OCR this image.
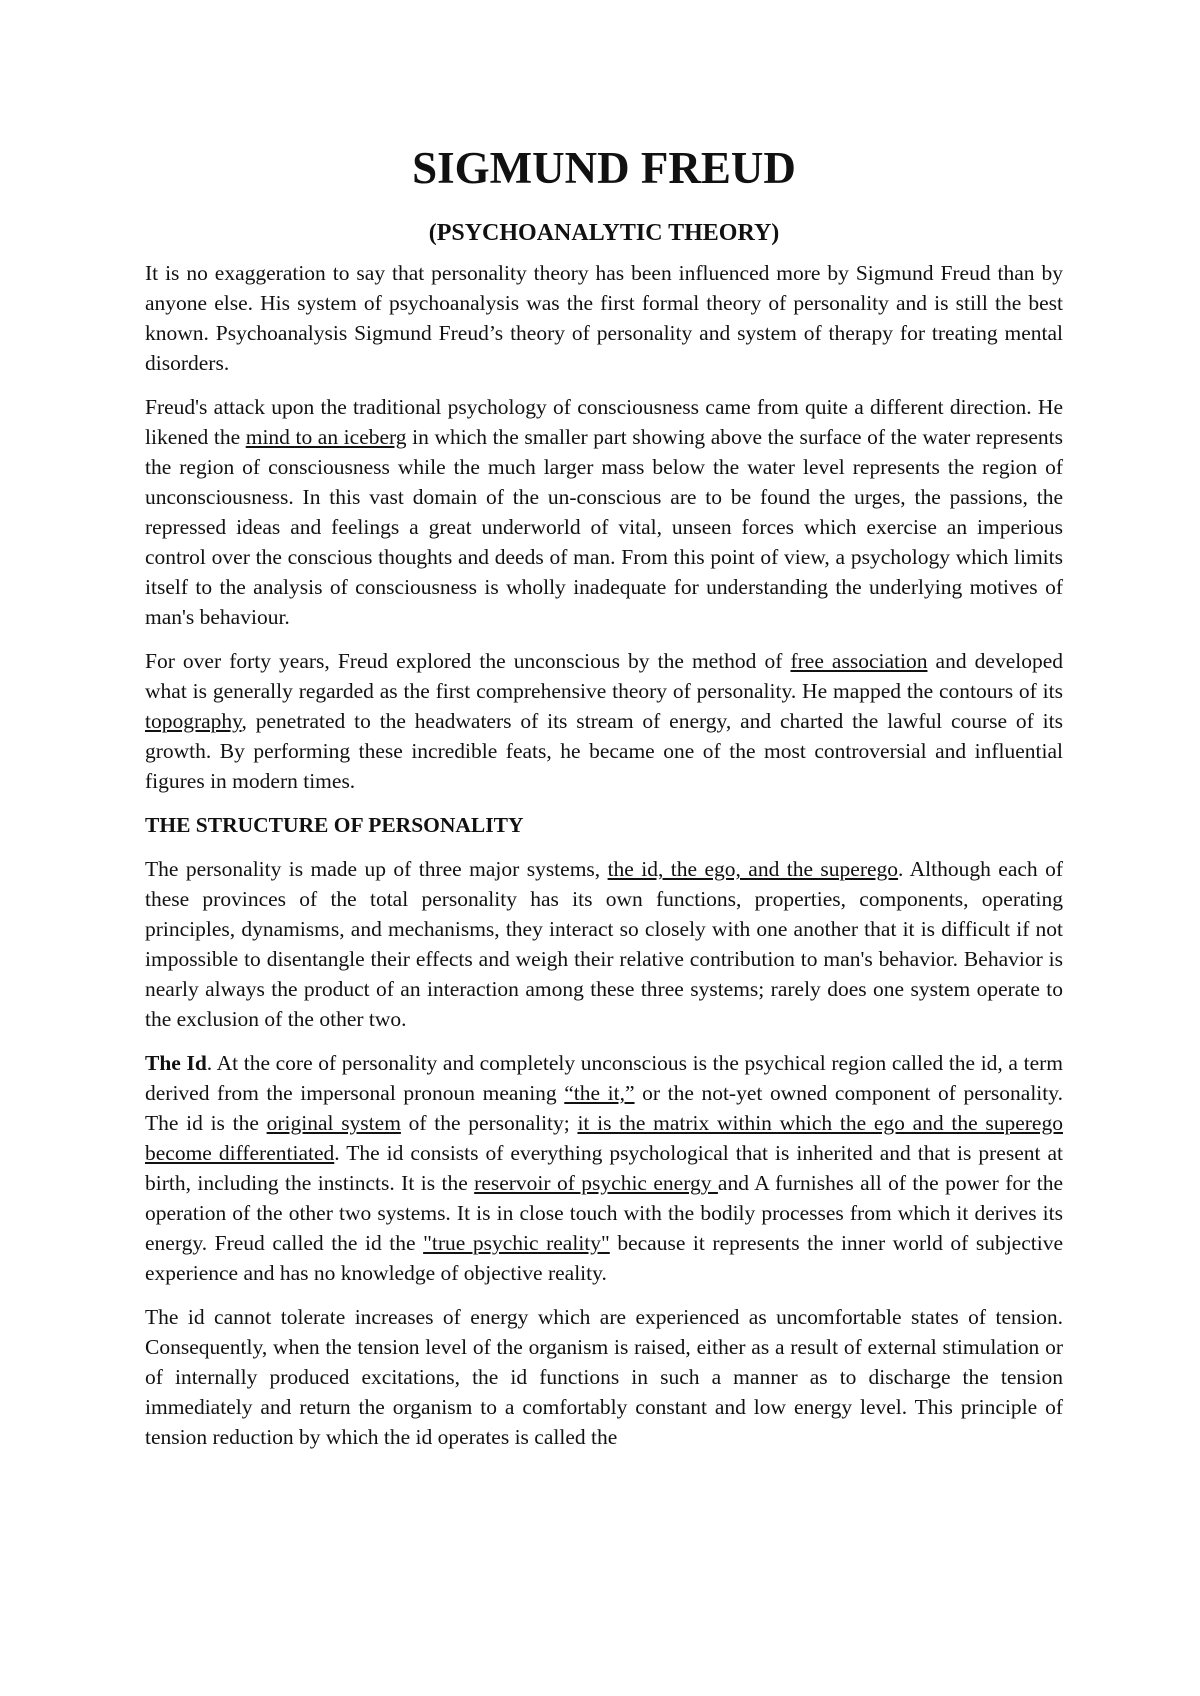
SIGMUND FREUD
(PSYCHOANALYTIC THEORY)

It is no exaggeration to say that personality theory has been influenced more by Sigmund Freud than by anyone else. His system of psychoanalysis was the first formal theory of personality and is still the best known. Psychoanalysis Sigmund Freud’s theory of personality and system of therapy for treating mental disorders.

Freud's attack upon the traditional psychology of consciousness came from quite a different direction. He likened the mind to an iceberg in which the smaller part showing above the surface of the water represents the region of consciousness while the much larger mass below the water level represents the region of unconsciousness. In this vast domain of the un-conscious are to be found the urges, the passions, the repressed ideas and feelings a great underworld of vital, unseen forces which exercise an imperious control over the conscious thoughts and deeds of man. From this point of view, a psychology which limits itself to the analysis of consciousness is wholly inadequate for understanding the underlying motives of man's behaviour.

For over forty years, Freud explored the unconscious by the method of free association and developed what is generally regarded as the first comprehensive theory of personality. He mapped the contours of its topography, penetrated to the headwaters of its stream of energy, and charted the lawful course of its growth. By performing these incredible feats, he became one of the most controversial and influential figures in modern times.

THE STRUCTURE OF PERSONALITY

The personality is made up of three major systems, the id, the ego, and the superego. Although each of these provinces of the total personality has its own functions, properties, components, operating principles, dynamisms, and mechanisms, they interact so closely with one another that it is difficult if not impossible to disentangle their effects and weigh their relative contribution to man's behavior. Behavior is nearly always the product of an interaction among these three systems; rarely does one system operate to the exclusion of the other two.

The Id. At the core of personality and completely unconscious is the psychical region called the id, a term derived from the impersonal pronoun meaning “the it,” or the not-yet owned component of personality. The id is the original system of the personality; it is the matrix within which the ego and the superego become differentiated. The id consists of everything psychological that is inherited and that is present at birth, including the instincts. It is the reservoir of psychic energy and A furnishes all of the power for the operation of the other two systems. It is in close touch with the bodily processes from which it derives its energy. Freud called the id the "true psychic reality" because it represents the inner world of subjective experience and has no knowledge of objective reality.

The id cannot tolerate increases of energy which are experienced as uncomfortable states of tension. Consequently, when the tension level of the organism is raised, either as a result of external stimulation or of internally produced excitations, the id functions in such a manner as to discharge the tension immediately and return the organism to a comfortably constant and low energy level. This principle of tension reduction by which the id operates is called the
